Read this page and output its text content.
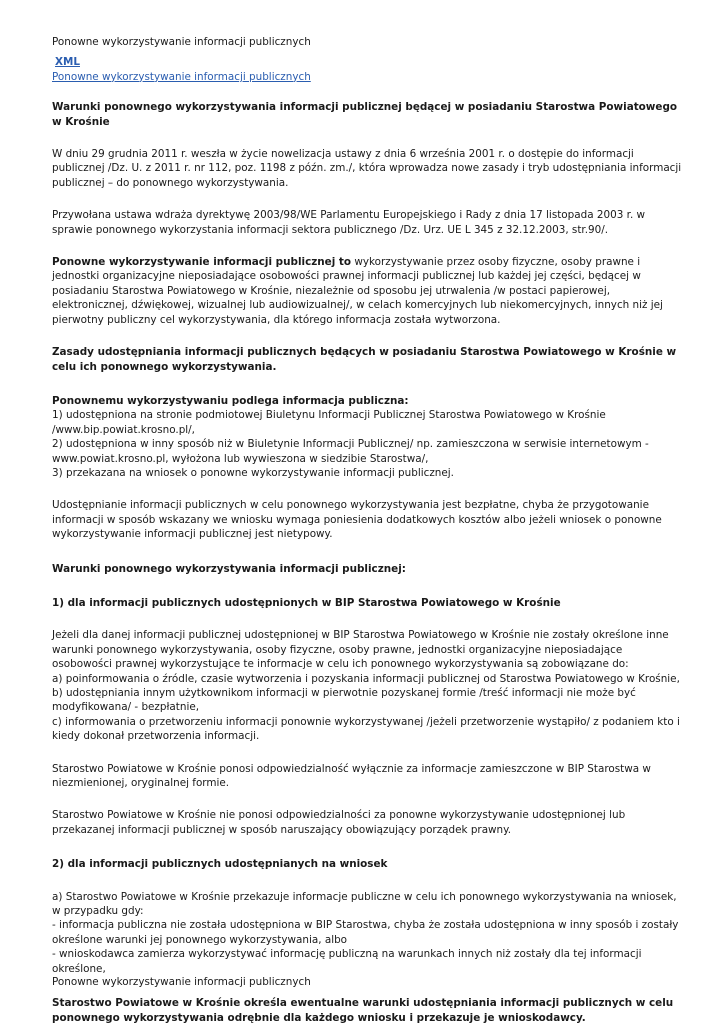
Ponowne wykorzystywanie informacji publicznych

XML

Ponowne wykorzystywanie informacji publicznych

Warunki ponownego wykorzystywania informacji publicznej będącej w posiadaniu Starostwa Powiatowego w Krośnie

W dniu 29 grudnia 2011 r. weszła w życie nowelizacja ustawy z dnia 6 września 2001 r. o dostępie do informacji publicznej /Dz. U. z 2011 r. nr 112, poz. 1198 z późn. zm./, która wprowadza nowe zasady i tryb udostępniania informacji publicznej – do ponownego wykorzystywania.

Przywołana ustawa wdraża dyrektywę 2003/98/WE Parlamentu Europejskiego i Rady z dnia 17 listopada 2003 r. w sprawie ponownego wykorzystania informacji sektora publicznego /Dz. Urz. UE L 345 z 32.12.2003, str.90/.

Ponowne wykorzystywanie informacji publicznej to wykorzystywanie przez osoby fizyczne, osoby prawne i jednostki organizacyjne nieposiadające osobowości prawnej informacji publicznej lub każdej jej części, będącej w posiadaniu Starostwa Powiatowego w Krośnie, niezależnie od sposobu jej utrwalenia /w postaci papierowej, elektronicznej, dźwiękowej, wizualnej lub audiowizualnej/, w celach komercyjnych lub niekomercyjnych, innych niż jej pierwotny publiczny cel wykorzystywania, dla którego informacja została wytworzona.

Zasady udostępniania informacji publicznych będących w posiadaniu Starostwa Powiatowego w Krośnie w celu ich ponownego wykorzystywania.

Ponownemu wykorzystywaniu podlega informacja publiczna:

1) udostępniona na stronie podmiotowej Biuletynu Informacji Publicznej Starostwa Powiatowego w Krośnie /www.bip.powiat.krosno.pl/,

2) udostępniona w inny sposób niż w Biuletynie Informacji Publicznej/ np. zamieszczona w serwisie internetowym - www.powiat.krosno.pl, wyłożona lub wywieszona w siedzibie Starostwa/,

3) przekazana na wniosek o ponowne wykorzystywanie informacji publicznej.

Udostępnianie informacji publicznych w celu ponownego wykorzystywania jest bezpłatne, chyba że przygotowanie informacji w sposób wskazany we wniosku wymaga poniesienia dodatkowych kosztów albo jeżeli wniosek o ponowne wykorzystywanie informacji publicznej jest nietypowy.

Warunki ponownego wykorzystywania informacji publicznej:

1) dla informacji publicznych udostępnionych w BIP Starostwa Powiatowego w Krośnie

Jeżeli dla danej informacji publicznej udostępnionej w BIP Starostwa Powiatowego w Krośnie nie zostały określone inne warunki ponownego wykorzystywania, osoby fizyczne, osoby prawne, jednostki organizacyjne nieposiadające osobowości prawnej wykorzystujące te informacje w celu ich ponownego wykorzystywania są zobowiązane do:

a) poinformowania o źródle, czasie wytworzenia i pozyskania informacji publicznej od Starostwa Powiatowego w Krośnie,

b) udostępniania innym użytkownikom informacji w pierwotnie pozyskanej formie /treść informacji nie może być modyfikowana/ - bezpłatnie,

c) informowania o przetworzeniu informacji ponownie wykorzystywanej /jeżeli przetworzenie wystąpiło/ z podaniem kto i kiedy dokonał przetworzenia informacji.

Starostwo Powiatowe w Krośnie ponosi odpowiedzialność wyłącznie za informacje zamieszczone w BIP Starostwa w niezmienionej, oryginalnej formie.

Starostwo Powiatowe w Krośnie nie ponosi odpowiedzialności za ponowne wykorzystywanie udostępnionej lub przekazanej informacji publicznej w sposób naruszający obowiązujący porządek prawny.

2) dla informacji publicznych udostępnianych na wniosek

a) Starostwo Powiatowe w Krośnie przekazuje informacje publiczne w celu ich ponownego wykorzystywania na wniosek, w przypadku gdy:

- informacja publiczna nie została udostępniona w BIP Starostwa, chyba że została udostępniona w inny sposób i zostały określone warunki jej ponownego wykorzystywania, albo

- wnioskodawca zamierza wykorzystywać informację publiczną na warunkach innych niż zostały dla tej informacji określone,

Starostwo Powiatowe w Krośnie określa ewentualne warunki udostępniania informacji publicznych w celu ponownego wykorzystywania odrębnie dla każdego wniosku i przekazuje je wnioskodawcy.

Ponowne wykorzystywanie informacji publicznych
